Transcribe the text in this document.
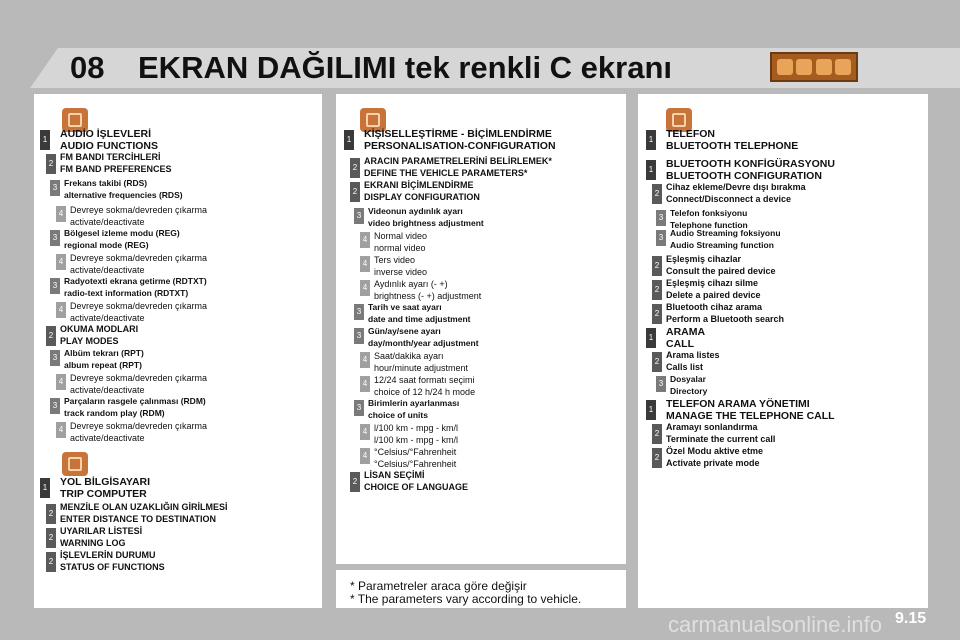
08 EKRAN DAĞILIMI tek renkli C ekranı
1 AUDİO İŞLEVLERİ
AUDIO FUNCTIONS
2
FM BANDI TERCİHLERİ
FM BAND PREFERENCES
3 Frekans takibi (RDS)
alternative frequencies (RDS)
4 Devreye sokma/devreden çıkarma
activate/deactivate
3 Bölgesel izleme modu (REG)
regional mode (REG)
4 Devreye sokma/devreden çıkarma
activate/deactivate
3 Radyotexti ekrana getirme (RDTXT)
radio-text information (RDTXT)
4 Devreye sokma/devreden çıkarma
activate/deactivate
2
OKUMA MODLARI
PLAY MODES
3 Albüm tekrarı (RPT)
album repeat (RPT)
4 Devreye sokma/devreden çıkarma
activate/deactivate
3 Parçaların rasgele çalınması (RDM)
track random play (RDM)
4 Devreye sokma/devreden çıkarma
activate/deactivate
1 YOL BİLGİSAYARI
TRIP COMPUTER
2
MENZİLE OLAN UZAKLIĞIN GİRİLMESİ
ENTER DISTANCE TO DESTINATION
2
UYARILAR LİSTESİ
WARNING LOG
2
İŞLEVLERİN DURUMU
STATUS OF FUNCTIONS
1 KİŞİSELLEŞTİRME - BİÇİMLENDİRME
PERSONALISATION-CONFIGURATION
2
ARACIN PARAMETRELERİNİ BELİRLEMEK*
DEFINE THE VEHICLE PARAMETERS*
2
EKRANI BİÇİMLENDİRME
DISPLAY CONFIGURATION
3 Videonun aydınlık ayarı
video brightness adjustment
4 Normal video
normal video
4 Ters video
inverse video
4 Aydınlık ayarı (- +)
brightness (- +) adjustment
3 Tarih ve saat ayarı
date and time adjustment
3 Gün/ay/sene ayarı
day/month/year adjustment
4 Saat/dakika ayarı
hour/minute adjustment
4 12/24 saat formatı seçimi
choice of 12 h/24 h mode
3 Birimlerin ayarlanması
choice of units
4 l/100 km - mpg - km/l
l/100 km - mpg - km/l
4 °Celsius/°Fahrenheit
°Celsius/°Fahrenheit
2
LİSAN SEÇİMİ
CHOICE OF LANGUAGE
1 TELEFON
BLUETOOTH TELEPHONE
1 BLUETOOTH KONFİGÜRASYONU
BLUETOOTH CONFIGURATION
2
Cihaz ekleme/Devre dışı bırakma
Connect/Disconnect a device
3 Telefon fonksiyonu
Telephone function
3 Audio Streaming foksiyonu
Audio Streaming function
2
Eşleşmiş cihazlar
Consult the paired device
2
Eşleşmiş cihazı silme
Delete a paired device
2
Bluetooth cihaz arama
Perform a Bluetooth search
1 ARAMA
CALL
2
Arama listes
Calls list
3 Dosyalar
Directory
1 TELEFON ARAMA YÖNETIMI
MANAGE THE TELEPHONE CALL
2
Aramayı sonlandırma
Terminate the current call
2
Özel Modu aktive etme
Activate private mode
* Parametreler araca göre değişir
* The parameters vary according to vehicle.
carmanualsonline.info 9.15
